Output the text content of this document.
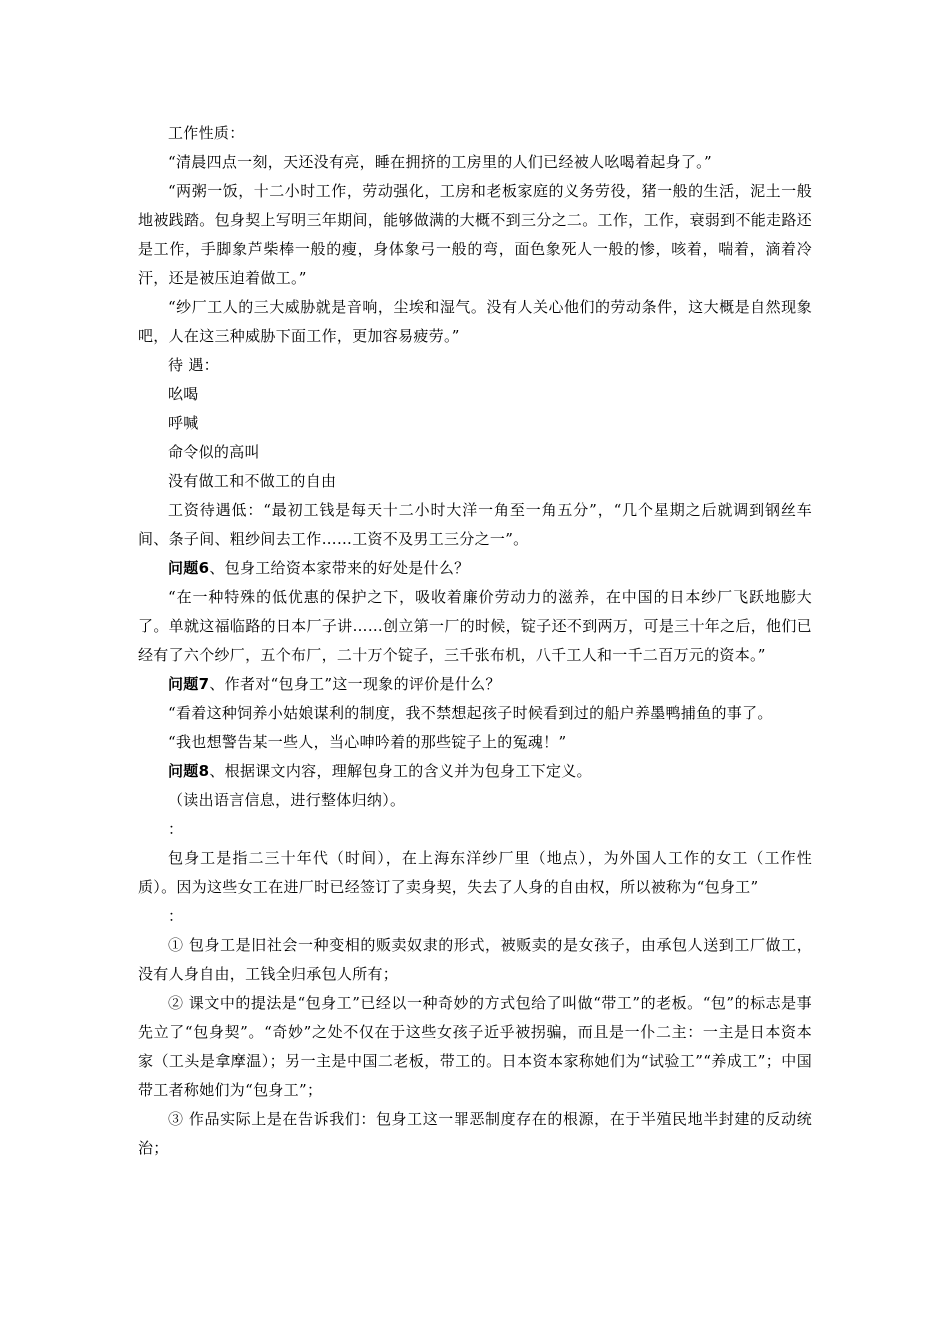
工作性质：

“清晨四点一刻，天还没有亮，睡在拥挤的工房里的人们已经被人吆喝着起身了。”

“两粥一饭，十二小时工作，劳动强化，工房和老板家庭的义务劳役，猪一般的生活，泥土一般地被践踏。包身契上写明三年期间，能够做满的大概不到三分之二。工作，工作，衰弱到不能走路还是工作，手脚象芦柴棒一般的瘦，身体象弓一般的弯，面色象死人一般的惨，咳着，喘着，滴着冷汗，还是被压迫着做工。”

“纱厂工人的三大威胁就是音响，尘埃和湿气。没有人关心他们的劳动条件，这大概是自然现象吧，人在这三种威胁下面工作，更加容易疲劳。”

待 遇：

吆喝

呼喊

命令似的高叫

没有做工和不做工的自由

工资待遇低：“最初工钱是每天十二小时大洋一角至一角五分”，“几个星期之后就调到钢丝车间、条子间、粗纱间去工作……工资不及男工三分之一”。

问题6、包身工给资本家带来的好处是什么？

“在一种特殊的低优惠的保护之下，吸收着廉价劳动力的滋养，在中国的日本纱厂飞跃地膨大了。单就这福临路的日本厂子讲……创立第一厂的时候，锭子还不到两万，可是三十年之后，他们已经有了六个纱厂，五个布厂，二十万个锭子，三千张布机，八千工人和一千二百万元的资本。”

问题7、作者对“包身工”这一现象的评价是什么？

“看着这种饲养小姑娘谋利的制度，我不禁想起孩子时候看到过的船户养墨鸭捕鱼的事了。

“我也想警告某一些人，当心呻吟着的那些锭子上的冤魂！”

问题8、根据课文内容，理解包身工的含义并为包身工下定义。

（读出语言信息，进行整体归纳）。

：

包身工是指二三十年代（时间），在上海东洋纱厂里（地点），为外国人工作的女工（工作性质）。因为这些女工在进厂时已经签订了卖身契，失去了人身的自由权，所以被称为“包身工”

：

① 包身工是旧社会一种变相的贩卖奴隶的形式，被贩卖的是女孩子，由承包人送到工厂做工，没有人身自由，工钱全归承包人所有；

② 课文中的提法是“包身工”已经以一种奇妙的方式包给了叫做“带工”的老板。“包”的标志是事先立了“包身契”。“奇妙”之处不仅在于这些女孩子近乎被拐骗，而且是一仆二主：一主是日本资本家（工头是拿摩温）；另一主是中国二老板，带工的。日本资本家称她们为“试验工”“养成工”；中国带工者称她们为“包身工”；

③ 作品实际上是在告诉我们：包身工这一罪恶制度存在的根源，在于半殖民地半封建的反动统治；
